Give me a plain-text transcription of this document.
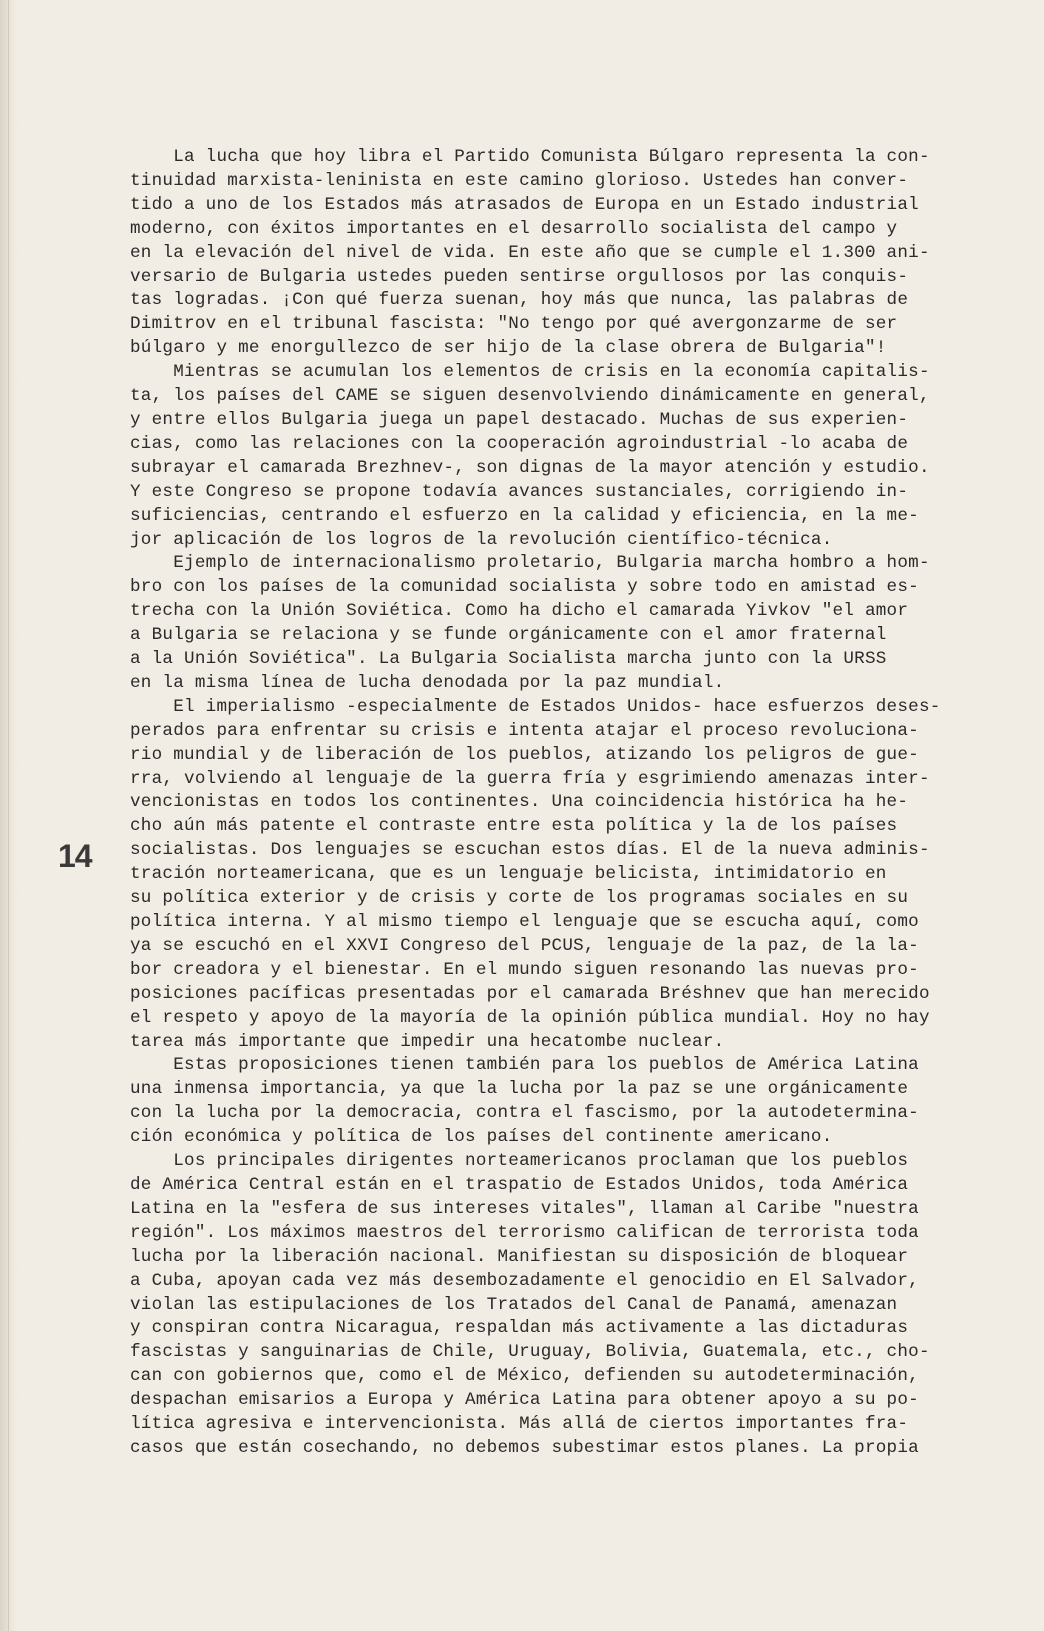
14
La lucha que hoy libra el Partido Comunista Búlgaro representa la con-
tinuidad marxista-leninista en este camino glorioso. Ustedes han conver-
tido a uno de los Estados más atrasados de Europa en un Estado industrial
moderno, con éxitos importantes en el desarrollo socialista del campo y
en la elevación del nivel de vida. En este año que se cumple el 1.300 ani-
versario de Bulgaria ustedes pueden sentirse orgullosos por las conquis-
tas logradas. ¡Con qué fuerza suenan, hoy más que nunca, las palabras de
Dimitrov en el tribunal fascista: "No tengo por qué avergonzarme de ser
búlgaro y me enorgullezco de ser hijo de la clase obrera de Bulgaria"!
Mientras se acumulan los elementos de crisis en la economía capitalis-
ta, los países del CAME se siguen desenvolviendo dinámicamente en general,
y entre ellos Bulgaria juega un papel destacado. Muchas de sus experien-
cias, como las relaciones con la cooperación agroindustrial -lo acaba de
subrayar el camarada Brezhnev-, son dignas de la mayor atención y estudio.
Y este Congreso se propone todavía avances sustanciales, corrigiendo in-
suficiencias, centrando el esfuerzo en la calidad y eficiencia, en la me-
jor aplicación de los logros de la revolución científico-técnica.
Ejemplo de internacionalismo proletario, Bulgaria marcha hombro a hom-
bro con los países de la comunidad socialista y sobre todo en amistad es-
trecha con la Unión Soviética. Como ha dicho el camarada Yivkov "el amor
a Bulgaria se relaciona y se funde orgánicamente con el amor fraternal
a la Unión Soviética". La Bulgaria Socialista marcha junto con la URSS
en la misma línea de lucha denodada por la paz mundial.
El imperialismo -especialmente de Estados Unidos- hace esfuerzos deses-
perados para enfrentar su crisis e intenta atajar el proceso revoluciona-
rio mundial y de liberación de los pueblos, atizando los peligros de gue-
rra, volviendo al lenguaje de la guerra fría y esgrimiendo amenazas inter-
vencionistas en todos los continentes. Una coincidencia histórica ha he-
cho aún más patente el contraste entre esta política y la de los países
socialistas. Dos lenguajes se escuchan estos días. El de la nueva adminis-
tración norteamericana, que es un lenguaje belicista, intimidatorio en
su política exterior y de crisis y corte de los programas sociales en su
política interna. Y al mismo tiempo el lenguaje que se escucha aquí, como
ya se escuchó en el XXVI Congreso del PCUS, lenguaje de la paz, de la la-
bor creadora y el bienestar. En el mundo siguen resonando las nuevas pro-
posiciones pacíficas presentadas por el camarada Bréshnev que han merecido
el respeto y apoyo de la mayoría de la opinión pública mundial. Hoy no hay
tarea más importante que impedir una hecatombe nuclear.
Estas proposiciones tienen también para los pueblos de América Latina
una inmensa importancia, ya que la lucha por la paz se une orgánicamente
con la lucha por la democracia, contra el fascismo, por la autodetermina-
ción económica y política de los países del continente americano.
Los principales dirigentes norteamericanos proclaman que los pueblos
de América Central están en el traspatio de Estados Unidos, toda América
Latina en la "esfera de sus intereses vitales", llaman al Caribe "nuestra
región". Los máximos maestros del terrorismo califican de terrorista toda
lucha por la liberación nacional. Manifiestan su disposición de bloquear
a Cuba, apoyan cada vez más desembozadamente el genocidio en El Salvador,
violan las estipulaciones de los Tratados del Canal de Panamá, amenazan
y conspiran contra Nicaragua, respaldan más activamente a las dictaduras
fascistas y sanguinarias de Chile, Uruguay, Bolivia, Guatemala, etc., cho-
can con gobiernos que, como el de México, defienden su autodeterminación,
despachan emisarios a Europa y América Latina para obtener apoyo a su po-
lítica agresiva e intervencionista. Más allá de ciertos importantes fra-
casos que están cosechando, no debemos subestimar estos planes. La propia
